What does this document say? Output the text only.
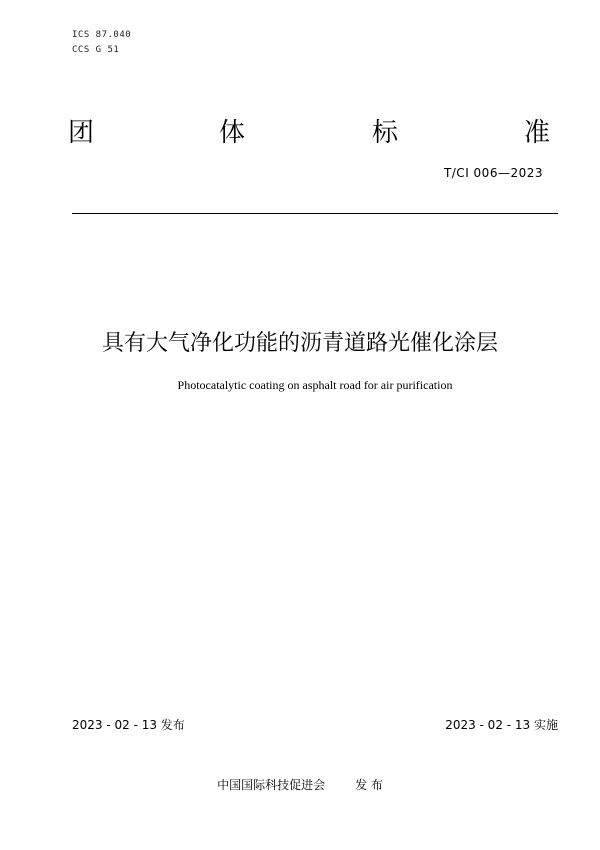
ICS 87.040
CCS G 51
团	体	标	准
T/CI 006—2023
具有大气净化功能的沥青道路光催化涂层
Photocatalytic coating on asphalt road for air purification
2023 - 02 - 13 发布	2023 - 02 - 13 实施
中国国际科技促进会	发 布
